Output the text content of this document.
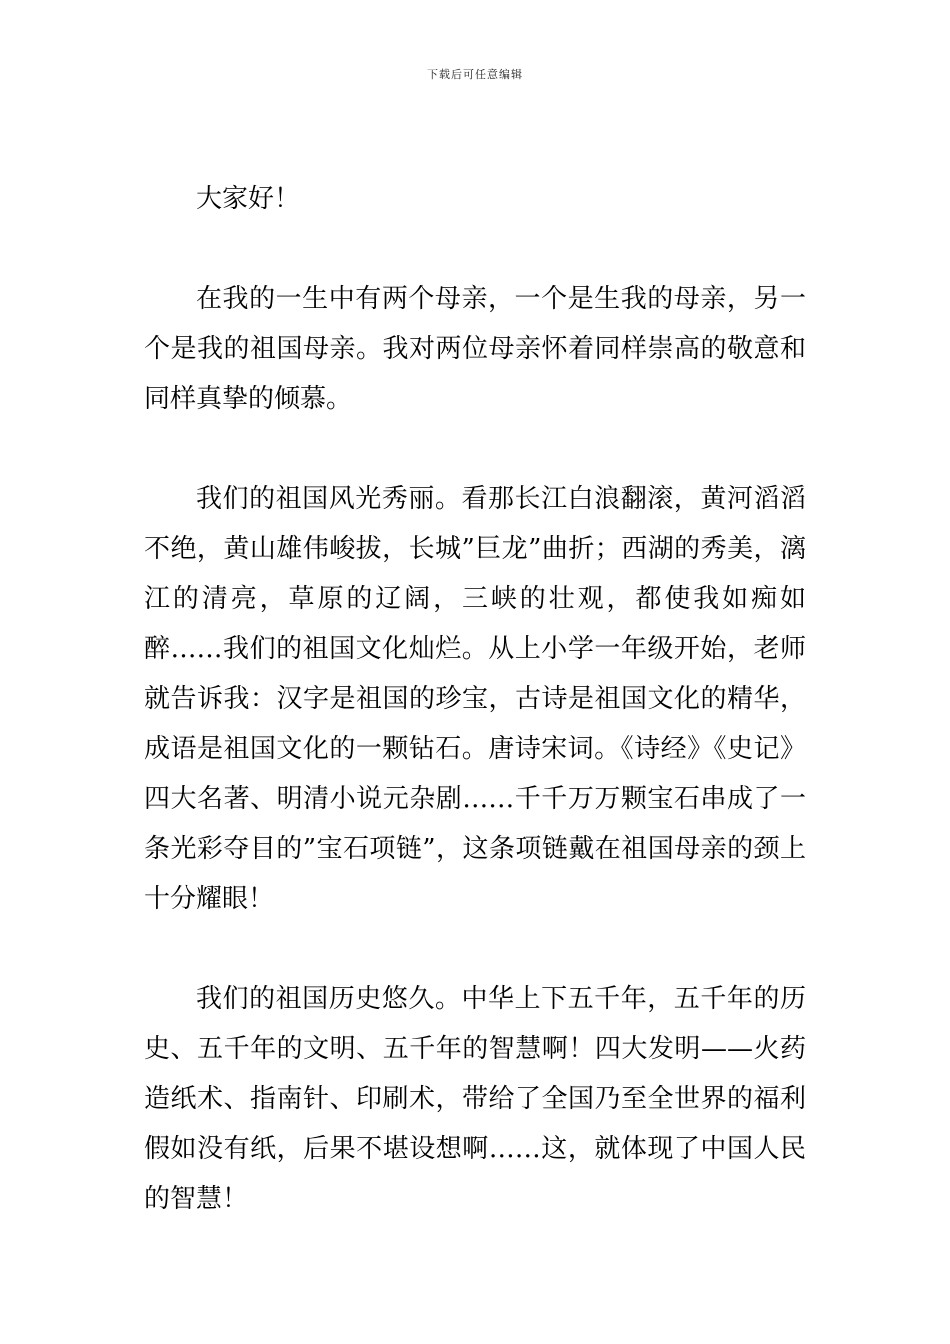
下载后可任意编辑

大家好！

在我的一生中有两个母亲，一个是生我的母亲，另一个是我的祖国母亲。我对两位母亲怀着同样崇高的敬意和同样真挚的倾慕。

我们的祖国风光秀丽。看那长江白浪翻滚，黄河滔滔不绝，黄山雄伟峻拔，长城”巨龙”曲折；西湖的秀美，漓江的清亮，草原的辽阔，三峡的壮观，都使我如痴如醉……我们的祖国文化灿烂。从上小学一年级开始，老师就告诉我：汉字是祖国的珍宝，古诗是祖国文化的精华，成语是祖国文化的一颗钻石。唐诗宋词。《诗经》《史记》四大名著、明清小说元杂剧……千千万万颗宝石串成了一条光彩夺目的”宝石项链”，这条项链戴在祖国母亲的颈上十分耀眼！

我们的祖国历史悠久。中华上下五千年，五千年的历史、五千年的文明、五千年的智慧啊！四大发明——火药造纸术、指南针、印刷术，带给了全国乃至全世界的福利假如没有纸，后果不堪设想啊……这，就体现了中国人民的智慧！
